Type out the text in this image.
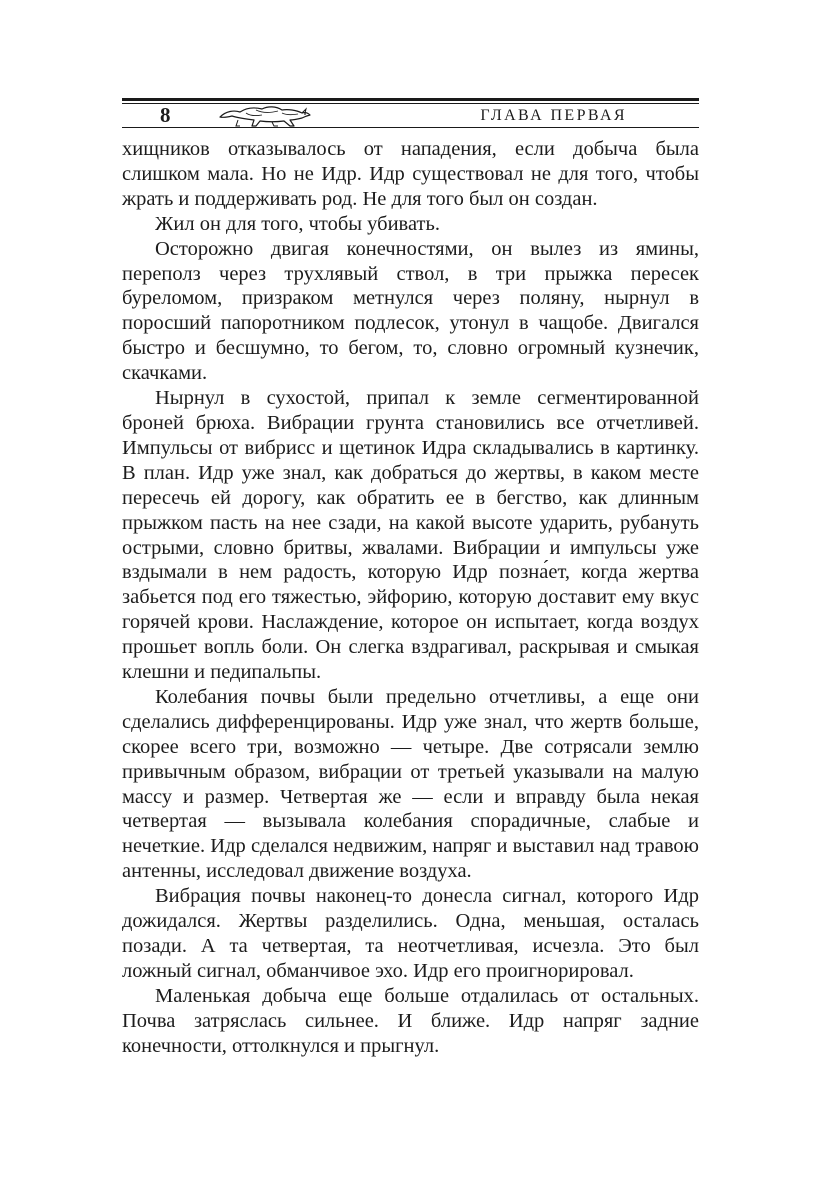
8	ГЛАВА ПЕРВАЯ

хищников отказывалось от нападения, если добыча была слишком мала. Но не Идр. Идр существовал не для того, чтобы жрать и поддерживать род. Не для того был он создан.

Жил он для того, чтобы убивать.

Осторожно двигая конечностями, он вылез из ямины, переполз через трухлявый ствол, в три прыжка пересек буреломом, призраком метнулся через поляну, нырнул в поросший папоротником подлесок, утонул в чащобе. Двигался быстро и бесшумно, то бегом, то, словно огромный кузнечик, скачками.

Нырнул в сухостой, припал к земле сегментированной броней брюха. Вибрации грунта становились все отчетливей. Импульсы от вибрисс и щетинок Идра складывались в картинку. В план. Идр уже знал, как добраться до жертвы, в каком месте пересечь ей дорогу, как обратить ее в бегство, как длинным прыжком пасть на нее сзади, на какой высоте ударить, рубануть острыми, словно бритвы, жвалами. Вибрации и импульсы уже вздымали в нем радость, которую Идр позна́ет, когда жертва забьется под его тяжестью, эйфорию, которую доставит ему вкус горячей крови. Наслаждение, которое он испытает, когда воздух прошьет вопль боли. Он слегка вздрагивал, раскрывая и смыкая клешни и педипальпы.

Колебания почвы были предельно отчетливы, а еще они сделались дифференцированы. Идр уже знал, что жертв больше, скорее всего три, возможно — четыре. Две сотрясали землю привычным образом, вибрации от третьей указывали на малую массу и размер. Четвертая же — если и вправду была некая четвертая — вызывала колебания спорадичные, слабые и нечеткие. Идр сделался недвижим, напряг и выставил над травою антенны, исследовал движение воздуха.

Вибрация почвы наконец-то донесла сигнал, которого Идр дожидался. Жертвы разделились. Одна, меньшая, осталась позади. А та четвертая, та неотчетливая, исчезла. Это был ложный сигнал, обманчивое эхо. Идр его проигнорировал.

Маленькая добыча еще больше отдалилась от остальных. Почва затряслась сильнее. И ближе. Идр напряг задние конечности, оттолкнулся и прыгнул.
